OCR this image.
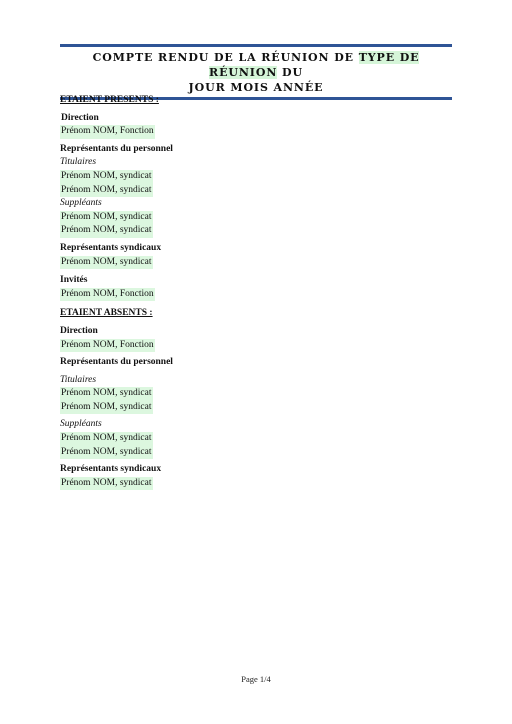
COMPTE RENDU DE LA RÉUNION DE TYPE DE RÉUNION DU
JOUR MOIS ANNÉE
ETAIENT PRESENTS :
Direction
Prénom NOM, Fonction
Représentants du personnel
Titulaires
Prénom NOM, syndicat
Prénom NOM, syndicat
Suppléants
Prénom NOM, syndicat
Prénom NOM, syndicat
Représentants syndicaux
Prénom NOM, syndicat
Invités
Prénom NOM, Fonction
ETAIENT ABSENTS :
Direction
Prénom NOM, Fonction
Représentants du personnel
Titulaires
Prénom NOM, syndicat
Prénom NOM, syndicat
Suppléants
Prénom NOM, syndicat
Prénom NOM, syndicat
Représentants syndicaux
Prénom NOM, syndicat
Page 1/4
